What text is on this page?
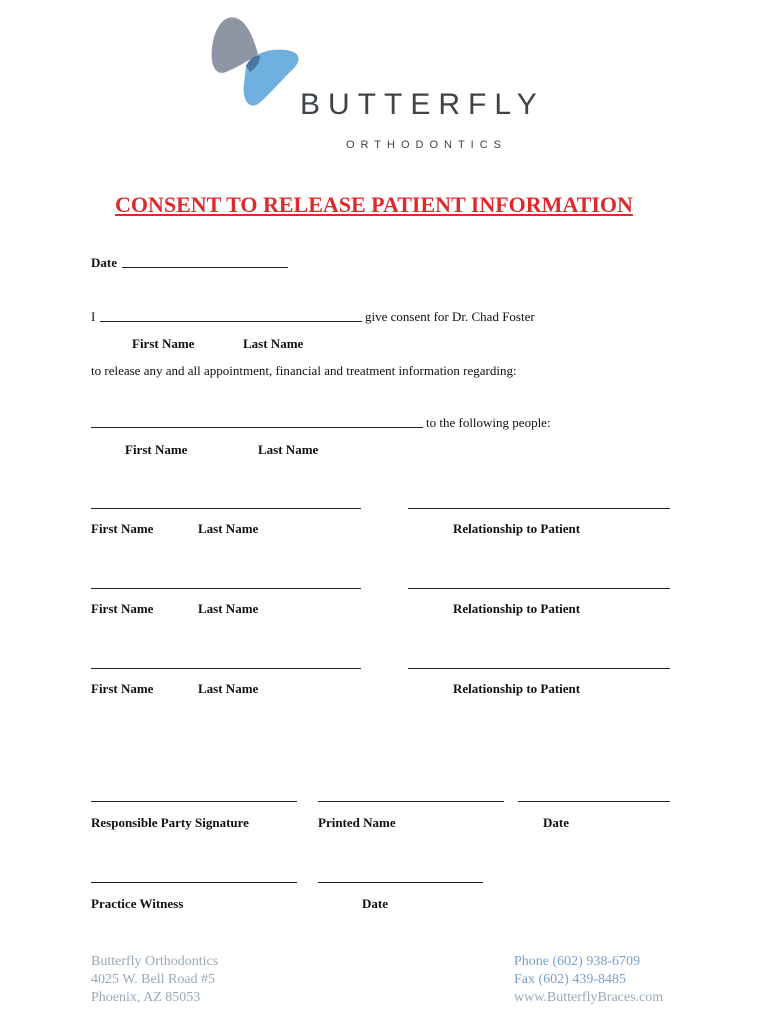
BUTTERFLY
ORTHODONTICS
CONSENT TO RELEASE PATIENT INFORMATION
Date
I	give consent for Dr. Chad Foster
First Name	Last Name
to release any and all appointment, financial and treatment information regarding:
to the following people:
First Name	Last Name
First Name	Last Name	Relationship to Patient
First Name	Last Name	Relationship to Patient
First Name	Last Name	Relationship to Patient
Responsible Party Signature	Printed Name	Date
Practice Witness	Date
Butterfly Orthodontics
4025 W. Bell Road #5
Phoenix, AZ 85053
Phone (602) 938-6709
Fax (602) 439-8485
www.ButterflyBraces.com
